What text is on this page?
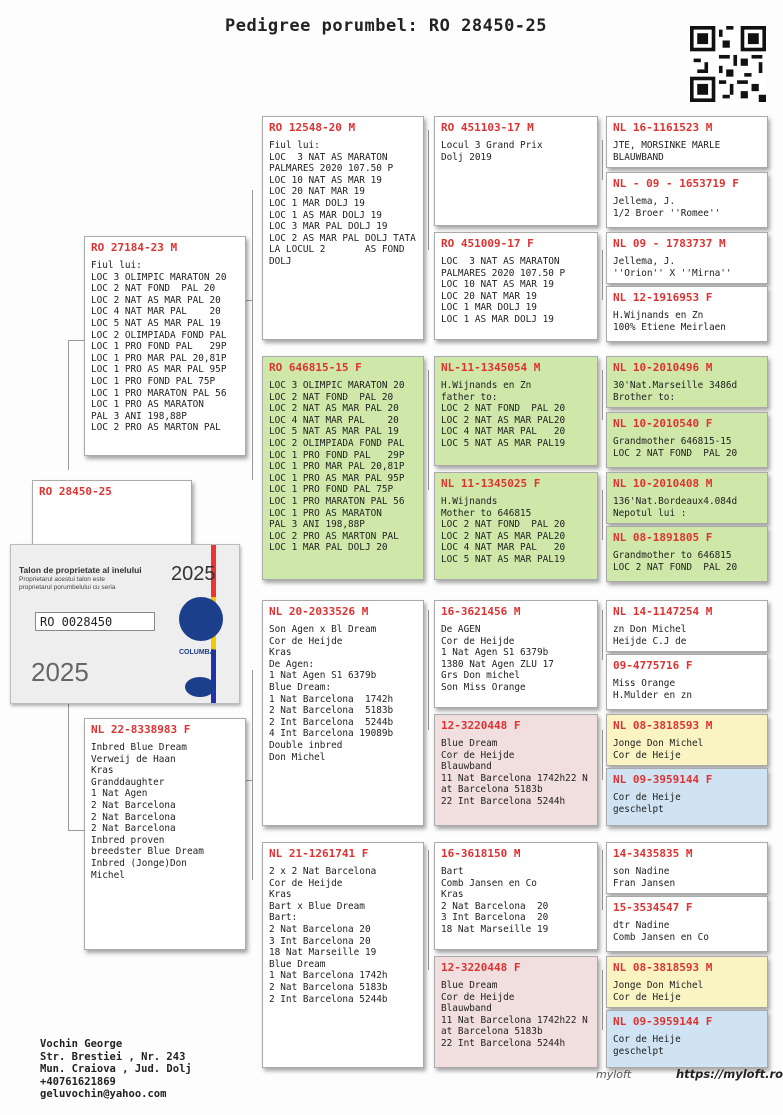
Pedigree porumbel: RO 28450-25
RO 28450-25
Talon de proprietate al inelului
Proprietarul acestui talon este
proprietarul porumbelului cu seria
2025
RO 0028450
COLUMBA
2025
RO 27184-23 M
Fiul lui:
LOC 3 OLIMPIC MARATON 20
LOC 2 NAT FOND  PAL 20
LOC 2 NAT AS MAR PAL 20
LOC 4 NAT MAR PAL    20
LOC 5 NAT AS MAR PAL 19
LOC 2 OLIMPIADA FOND PAL
LOC 1 PRO FOND PAL   29P
LOC 1 PRO MAR PAL 20,81P
LOC 1 PRO AS MAR PAL 95P
LOC 1 PRO FOND PAL 75P
LOC 1 PRO MARATON PAL 56
LOC 1 PRO AS MARATON
PAL 3 ANI 198,88P
LOC 2 PRO AS MARTON PAL
NL 22-8338983 F
Inbred Blue Dream
Verweij de Haan
Kras
Granddaughter
1 Nat Agen
2 Nat Barcelona
2 Nat Barcelona
2 Nat Barcelona
Inbred proven
breedster Blue Dream
Inbred (Jonge)Don
Michel
RO 12548-20 M
Fiul lui:
LOC  3 NAT AS MARATON
PALMARES 2020 107.50 P
LOC 10 NAT AS MAR 19
LOC 20 NAT MAR 19
LOC 1 MAR DOLJ 19
LOC 1 AS MAR DOLJ 19
LOC 3 MAR PAL DOLJ 19
LOC 2 AS MAR PAL DOLJ TATA
LA LOCUL 2       AS FOND
DOLJ
RO 646815-15 F
LOC 3 OLIMPIC MARATON 20
LOC 2 NAT FOND  PAL 20
LOC 2 NAT AS MAR PAL 20
LOC 4 NAT MAR PAL    20
LOC 5 NAT AS MAR PAL 19
LOC 2 OLIMPIADA FOND PAL
LOC 1 PRO FOND PAL   29P
LOC 1 PRO MAR PAL 20,81P
LOC 1 PRO AS MAR PAL 95P
LOC 1 PRO FOND PAL 75P
LOC 1 PRO MARATON PAL 56
LOC 1 PRO AS MARATON
PAL 3 ANI 198,88P
LOC 2 PRO AS MARTON PAL
LOC 1 MAR PAL DOLJ 20
NL 20-2033526 M
Son Agen x Bl Dream
Cor de Heijde
Kras
De Agen:
1 Nat Agen S1 6379b
Blue Dream:
1 Nat Barcelona  1742h
2 Nat Barcelona  5183b
2 Int Barcelona  5244b
4 Int Barcelona 19089b
Double inbred
Don Michel
NL 21-1261741 F
2 x 2 Nat Barcelona
Cor de Heijde
Kras
Bart x Blue Dream
Bart:
2 Nat Barcelona 20
3 Int Barcelona 20
18 Nat Marseille 19
Blue Dream
1 Nat Barcelona 1742h
2 Nat Barcelona 5183b
2 Int Barcelona 5244b
RO 451103-17 M
Locul 3 Grand Prix
Dolj 2019
RO 451009-17 F
LOC  3 NAT AS MARATON
PALMARES 2020 107.50 P
LOC 10 NAT AS MAR 19
LOC 20 NAT MAR 19
LOC 1 MAR DOLJ 19
LOC 1 AS MAR DOLJ 19
NL-11-1345054 M
H.Wijnands en Zn
father to:
LOC 2 NAT FOND  PAL 20
LOC 2 NAT AS MAR PAL20
LOC 4 NAT MAR PAL   20
LOC 5 NAT AS MAR PAL19
NL 11-1345025 F
H.Wijnands
Mother to 646815
LOC 2 NAT FOND  PAL 20
LOC 2 NAT AS MAR PAL20
LOC 4 NAT MAR PAL   20
LOC 5 NAT AS MAR PAL19
16-3621456 M
De AGEN
Cor de Heijde
1 Nat Agen S1 6379b
1380 Nat Agen ZLU 17
Grs Don michel
Son Miss Orange
12-3220448 F
Blue Dream
Cor de Heijde
Blauwband
11 Nat Barcelona 1742h22 N
at Barcelona 5183b
22 Int Barcelona 5244h
16-3618150 M
Bart
Comb Jansen en Co
Kras
2 Nat Barcelona  20
3 Int Barcelona  20
18 Nat Marseille 19
12-3220448 F
Blue Dream
Cor de Heijde
Blauwband
11 Nat Barcelona 1742h22 N
at Barcelona 5183b
22 Int Barcelona 5244h
NL 16-1161523 M
JTE, MORSINKE MARLE
BLAUWBAND
NL - 09 - 1653719 F
Jellema, J.
1/2 Broer ''Romee''
NL 09 - 1783737 M
Jellema, J.
''Orion'' X ''Mirna''
NL 12-1916953 F
H.Wijnands en Zn
100% Etiene Meirlaen
NL 10-2010496 M
30'Nat.Marseille 3486d
Brother to:
NL 10-2010540 F
Grandmother 646815-15
LOC 2 NAT FOND  PAL 20
NL 10-2010408 M
136'Nat.Bordeaux4.084d
Nepotul lui :
NL 08-1891805 F
Grandmother to 646815
LOC 2 NAT FOND  PAL 20
NL 14-1147254 M
zn Don Michel
Heijde C.J de
09-4775716 F
Miss Orange
H.Mulder en zn
NL 08-3818593 M
Jonge Don Michel
Cor de Heije
NL 09-3959144 F
Cor de Heije
geschelpt
14-3435835 M
son Nadine
Fran Jansen
15-3534547 F
dtr Nadine
Comb Jansen en Co
NL 08-3818593 M
Jonge Don Michel
Cor de Heije
NL 09-3959144 F
Cor de Heije
geschelpt
Vochin George
Str. Brestiei , Nr. 243
Mun. Craiova , Jud. Dolj
+40761621869
geluvochin@yahoo.com
myloft	https://myloft.ro
